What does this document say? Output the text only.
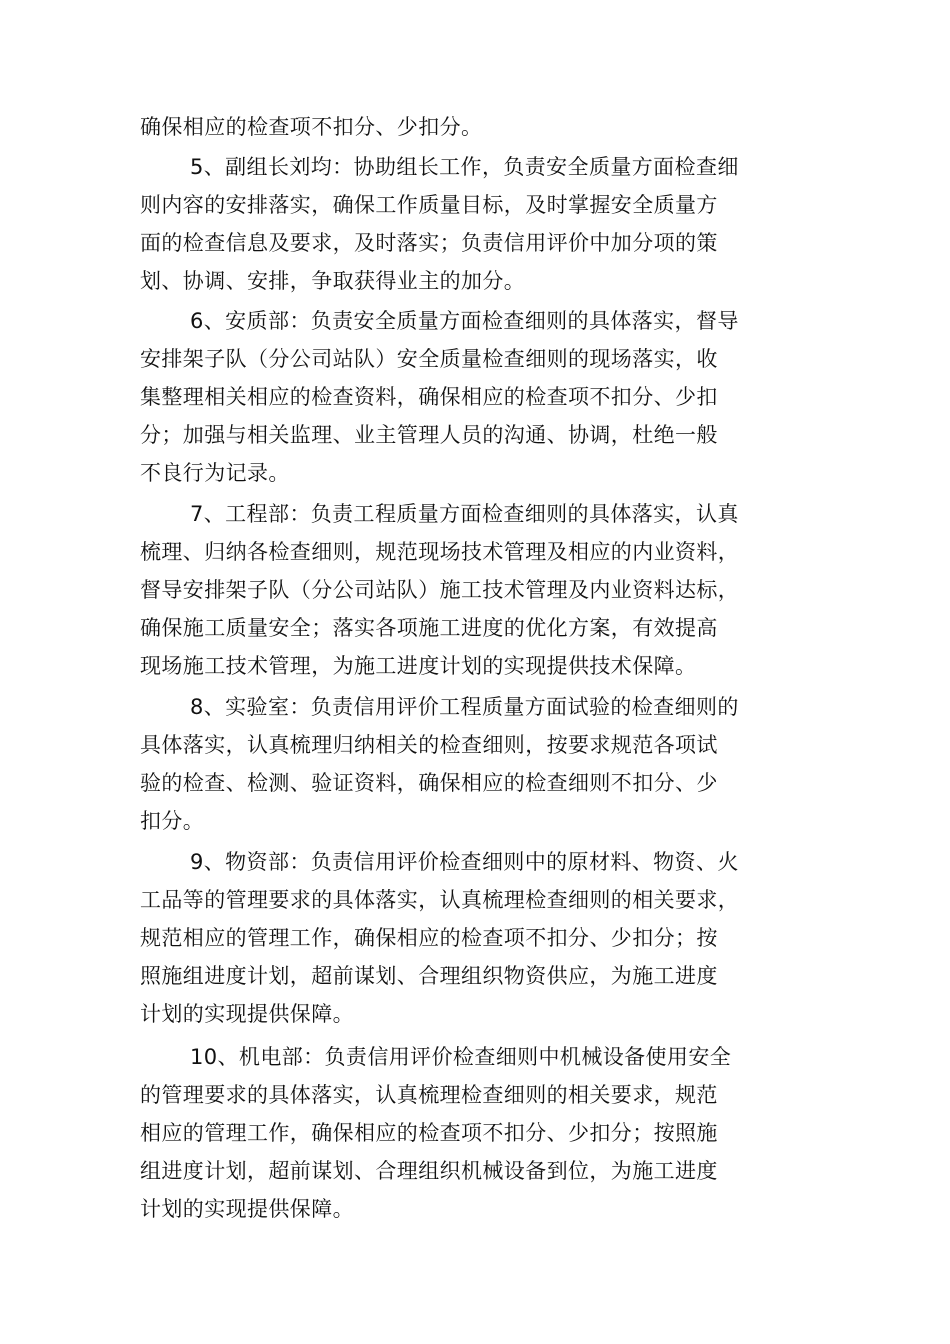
确保相应的检查项不扣分、少扣分。
5、副组长刘均：协助组长工作，负责安全质量方面检查细
则内容的安排落实，确保工作质量目标，及时掌握安全质量方
面的检查信息及要求，及时落实；负责信用评价中加分项的策
划、协调、安排，争取获得业主的加分。
6、安质部：负责安全质量方面检查细则的具体落实，督导
安排架子队（分公司站队）安全质量检查细则的现场落实，收
集整理相关相应的检查资料，确保相应的检查项不扣分、少扣
分；加强与相关监理、业主管理人员的沟通、协调，杜绝一般
不良行为记录。
7、工程部：负责工程质量方面检查细则的具体落实，认真
梳理、归纳各检查细则，规范现场技术管理及相应的内业资料，
督导安排架子队（分公司站队）施工技术管理及内业资料达标，
确保施工质量安全；落实各项施工进度的优化方案，有效提高
现场施工技术管理，为施工进度计划的实现提供技术保障。
8、实验室：负责信用评价工程质量方面试验的检查细则的
具体落实，认真梳理归纳相关的检查细则，按要求规范各项试
验的检查、检测、验证资料，确保相应的检查细则不扣分、少
扣分。
9、物资部：负责信用评价检查细则中的原材料、物资、火
工品等的管理要求的具体落实，认真梳理检查细则的相关要求，
规范相应的管理工作，确保相应的检查项不扣分、少扣分；按
照施组进度计划，超前谋划、合理组织物资供应，为施工进度
计划的实现提供保障。
10、机电部：负责信用评价检查细则中机械设备使用安全
的管理要求的具体落实，认真梳理检查细则的相关要求，规范
相应的管理工作，确保相应的检查项不扣分、少扣分；按照施
组进度计划，超前谋划、合理组织机械设备到位，为施工进度
计划的实现提供保障。
